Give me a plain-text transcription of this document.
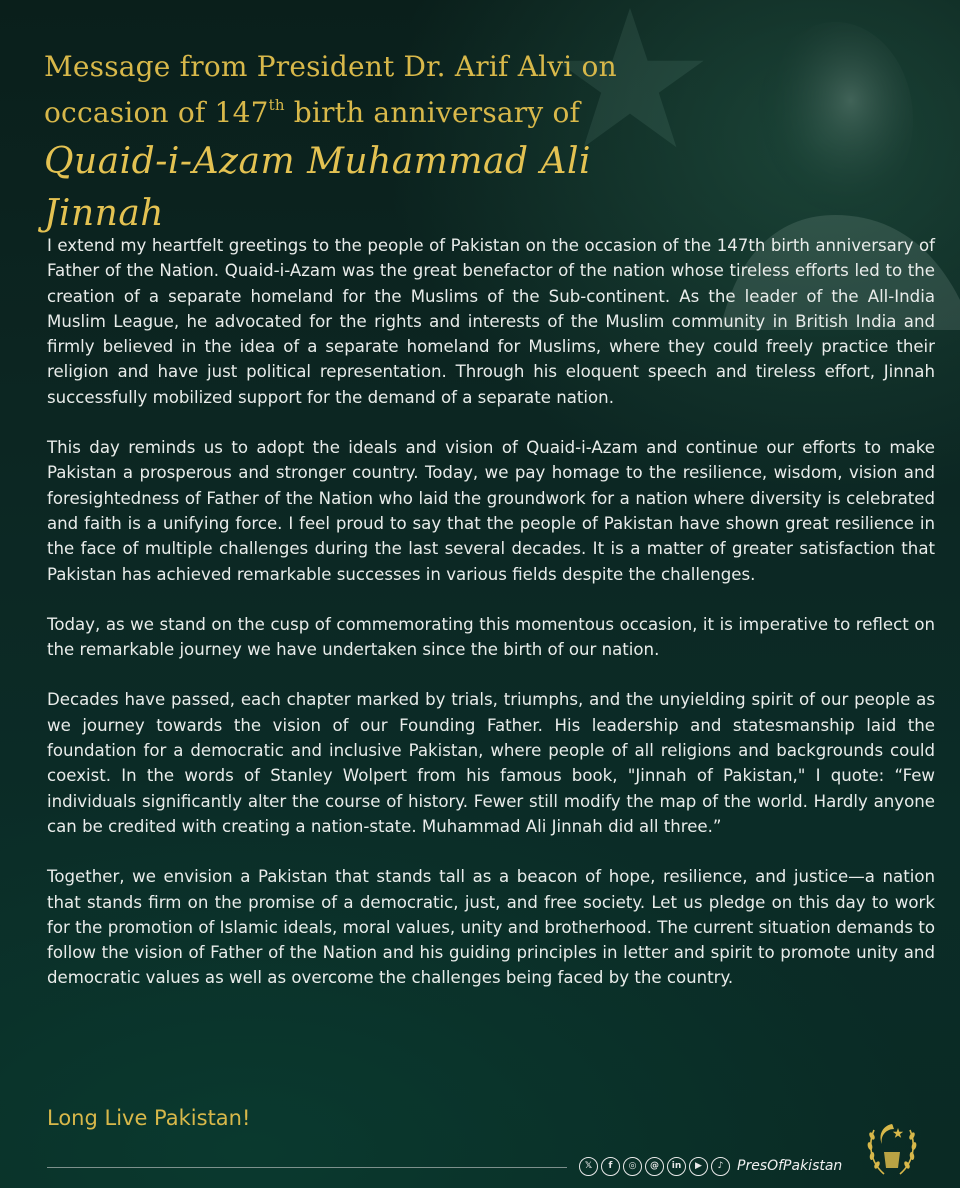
Message from President Dr. Arif Alvi on
occasion of 147th birth anniversary of
Quaid-i-Azam Muhammad Ali Jinnah

I extend my heartfelt greetings to the people of Pakistan on the occasion of the 147th birth anniversary of Father of the Nation. Quaid-i-Azam was the great benefactor of the nation whose tireless efforts led to the creation of a separate homeland for the Muslims of the Sub-continent. As the leader of the All-India Muslim League, he advocated for the rights and interests of the Muslim community in British India and firmly believed in the idea of a separate homeland for Muslims, where they could freely practice their religion and have just political representation. Through his eloquent speech and tireless effort, Jinnah successfully mobilized support for the demand of a separate nation.

This day reminds us to adopt the ideals and vision of Quaid-i-Azam and continue our efforts to make Pakistan a prosperous and stronger country. Today, we pay homage to the resilience, wisdom, vision and foresightedness of Father of the Nation who laid the groundwork for a nation where diversity is celebrated and faith is a unifying force. I feel proud to say that the people of Pakistan have shown great resilience in the face of multiple challenges during the last several decades. It is a matter of greater satisfaction that Pakistan has achieved remarkable successes in various fields despite the challenges.

Today, as we stand on the cusp of commemorating this momentous occasion, it is imperative to reflect on the remarkable journey we have undertaken since the birth of our nation.

Decades have passed, each chapter marked by trials, triumphs, and the unyielding spirit of our people as we journey towards the vision of our Founding Father. His leadership and statesmanship laid the foundation for a democratic and inclusive Pakistan, where people of all religions and backgrounds could coexist. In the words of Stanley Wolpert from his famous book, "Jinnah of Pakistan," I quote: “Few individuals significantly alter the course of history. Fewer still modify the map of the world. Hardly anyone can be credited with creating a nation-state. Muhammad Ali Jinnah did all three.”

Together, we envision a Pakistan that stands tall as a beacon of hope, resilience, and justice—a nation that stands firm on the promise of a democratic, just, and free society. Let us pledge on this day to work for the promotion of Islamic ideals, moral values, unity and brotherhood. The current situation demands to follow the vision of Father of the Nation and his guiding principles in letter and spirit to promote unity and democratic values as well as overcome the challenges being faced by the country.

Long Live Pakistan!
𝕏	f	◎	@	in	▶	♪ PresOfPakistan
